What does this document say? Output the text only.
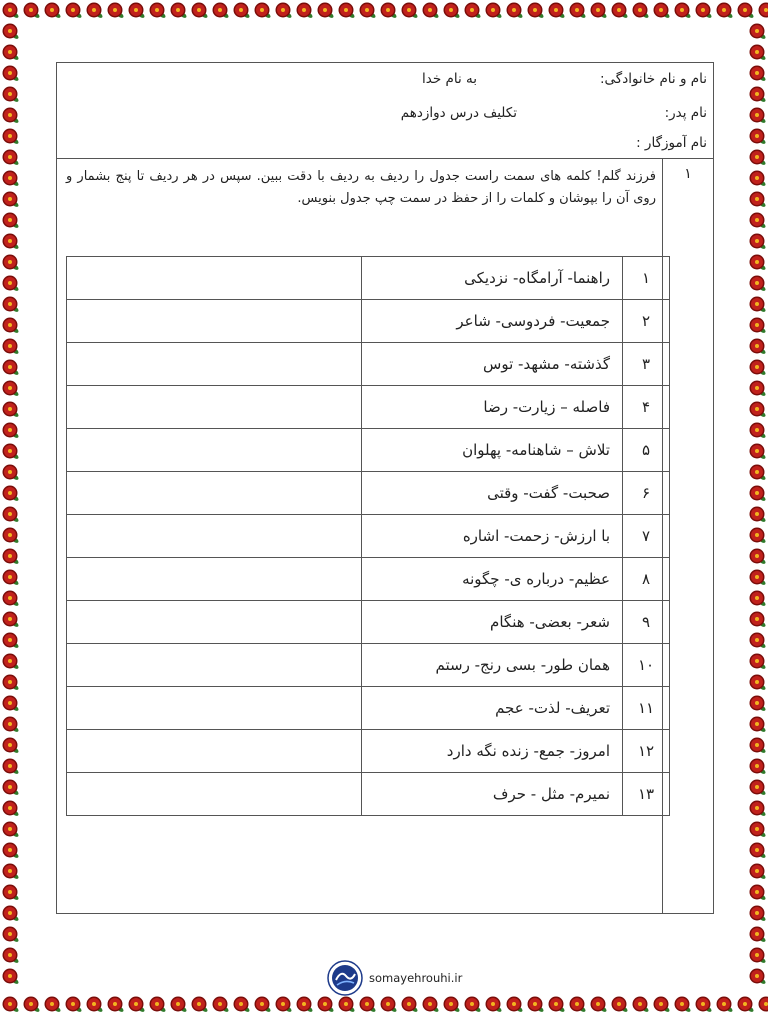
نام و نام خانوادگی:
نام پدر:
نام آموزگار :
به نام خدا
تکلیف درس دوازدهم
۱
فرزند گلم! کلمه های سمت راست جدول را ردیف به ردیف با دقت ببین. سپس در هر ردیف تا پنج بشمار و روی آن را بپوشان و کلمات را از حفظ در سمت چپ جدول بنویس.
۱	راهنما- آرامگاه- نزدیکی	
۲	جمعیت- فردوسی- شاعر	
۳	گذشته- مشهد- توس	
۴	فاصله – زیارت- رضا	
۵	تلاش – شاهنامه- پهلوان	
۶	صحبت- گفت- وقتی	
۷	با ارزش- زحمت- اشاره	
۸	عظیم- درباره ی- چگونه	
۹	شعر- بعضی- هنگام	
۱۰	همان طور- بسی رنج- رستم	
۱۱	تعریف- لذت- عجم	
۱۲	امروز- جمع- زنده نگه دارد	
۱۳	نمیرم- مثل - حرف	
somayehrouhi.ir
